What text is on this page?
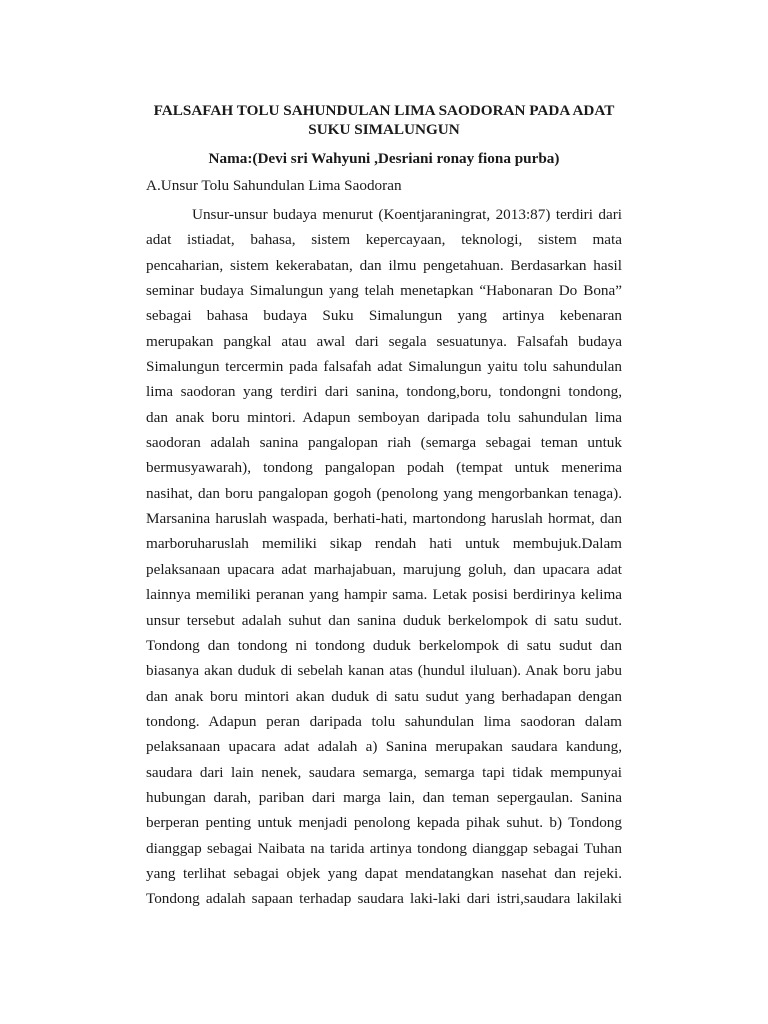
FALSAFAH TOLU SAHUNDULAN LIMA SAODORAN PADA ADAT SUKU SIMALUNGUN

Nama:(Devi sri Wahyuni ,Desriani ronay fiona purba)

A.Unsur Tolu Sahundulan Lima Saodoran

Unsur-unsur budaya menurut (Koentjaraningrat, 2013:87) terdiri dari
adat istiadat, bahasa, sistem kepercayaan, teknologi, sistem mata
pencaharian, sistem kekerabatan, dan ilmu pengetahuan. Berdasarkan hasil
seminar budaya Simalungun yang telah menetapkan “Habonaran Do Bona”
sebagai bahasa budaya Suku Simalungun yang artinya kebenaran
merupakan pangkal atau awal dari segala sesuatunya. Falsafah budaya
Simalungun tercermin pada falsafah adat Simalungun yaitu tolu sahundulan
lima saodoran yang terdiri dari sanina, tondong,boru, tondongni tondong,
dan anak boru mintori. Adapun semboyan daripada tolu sahundulan lima
saodoran adalah sanina pangalopan riah (semarga sebagai teman untuk
bermusyawarah), tondong pangalopan podah (tempat untuk menerima
nasihat, dan boru pangalopan gogoh (penolong yang mengorbankan tenaga).
Marsanina haruslah waspada, berhati-hati, martondong haruslah hormat, dan
marboruharuslah memiliki sikap rendah hati untuk membujuk.Dalam
pelaksanaan upacara adat marhajabuan, marujung goluh, dan upacara adat
lainnya memiliki peranan yang hampir sama. Letak posisi berdirinya kelima
unsur tersebut adalah suhut dan sanina duduk berkelompok di satu sudut.
Tondong dan tondong ni tondong duduk berkelompok di satu sudut dan
biasanya akan duduk di sebelah kanan atas (hundul iluluan). Anak boru jabu
dan anak boru mintori akan duduk di satu sudut yang berhadapan dengan
tondong. Adapun peran daripada tolu sahundulan lima saodoran dalam
pelaksanaan upacara adat adalah a) Sanina merupakan saudara kandung,
saudara dari lain nenek, saudara semarga, semarga tapi tidak mempunyai
hubungan darah, pariban dari marga lain, dan teman sepergaulan. Sanina
berperan penting untuk menjadi penolong kepada pihak suhut. b) Tondong
dianggap sebagai Naibata na tarida artinya tondong dianggap sebagai Tuhan
yang terlihat sebagai objek yang dapat mendatangkan nasehat dan rejeki.
Tondong adalah sapaan terhadap saudara laki-laki dari istri,saudara lakilaki
